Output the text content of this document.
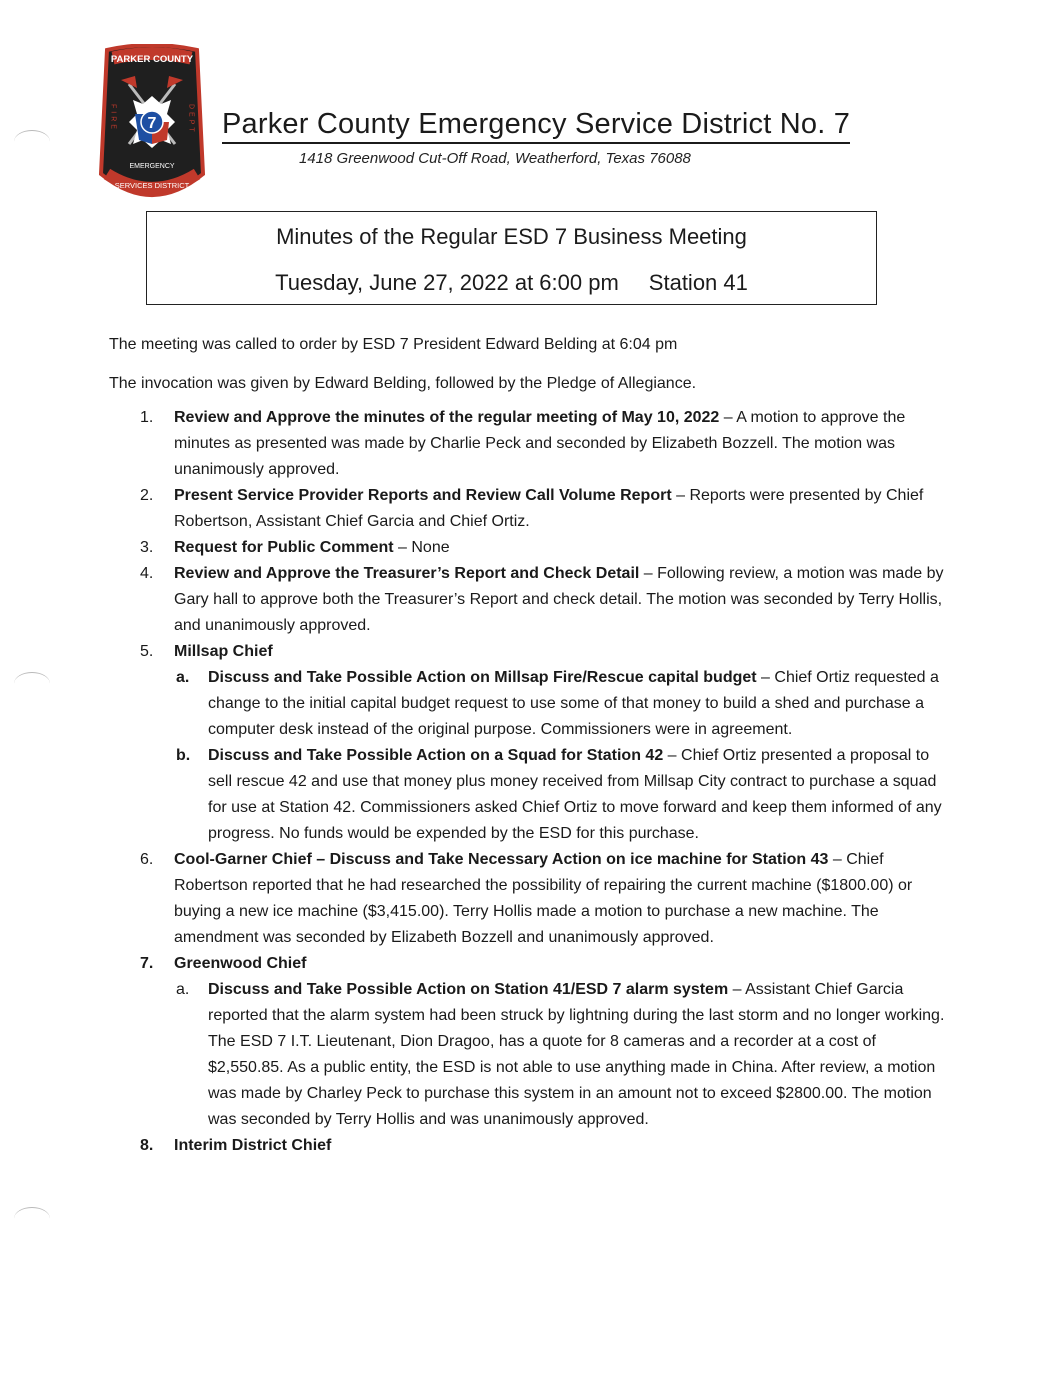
PARKER COUNTY
7
FIRE	DEPT
EMERGENCY
SERVICES DISTRICT
Parker County Emergency Service District No. 7
1418 Greenwood Cut-Off Road, Weatherford, Texas 76088
Minutes of the Regular ESD 7 Business Meeting
Tuesday, June 27, 2022 at 6:00 pm Station 41

The meeting was called to order by ESD 7 President Edward Belding at 6:04 pm

The invocation was given by Edward Belding, followed by the Pledge of Allegiance.

1. Review and Approve the minutes of the regular meeting of May 10, 2022 – A motion to approve the minutes as presented was made by Charlie Peck and seconded by Elizabeth Bozzell. The motion was unanimously approved.
2. Present Service Provider Reports and Review Call Volume Report – Reports were presented by Chief Robertson, Assistant Chief Garcia and Chief Ortiz.
3. Request for Public Comment – None
4. Review and Approve the Treasurer’s Report and Check Detail – Following review, a motion was made by Gary hall to approve both the Treasurer’s Report and check detail. The motion was seconded by Terry Hollis, and unanimously approved.
5. Millsap Chief
a. Discuss and Take Possible Action on Millsap Fire/Rescue capital budget – Chief Ortiz requested a change to the initial capital budget request to use some of that money to build a shed and purchase a computer desk instead of the original purpose. Commissioners were in agreement.
b. Discuss and Take Possible Action on a Squad for Station 42 – Chief Ortiz presented a proposal to sell rescue 42 and use that money plus money received from Millsap City contract to purchase a squad for use at Station 42. Commissioners asked Chief Ortiz to move forward and keep them informed of any progress. No funds would be expended by the ESD for this purchase.
6. Cool-Garner Chief – Discuss and Take Necessary Action on ice machine for Station 43 – Chief Robertson reported that he had researched the possibility of repairing the current machine ($1800.00) or buying a new ice machine ($3,415.00). Terry Hollis made a motion to purchase a new machine. The amendment was seconded by Elizabeth Bozzell and unanimously approved.
7. Greenwood Chief
a. Discuss and Take Possible Action on Station 41/ESD 7 alarm system – Assistant Chief Garcia reported that the alarm system had been struck by lightning during the last storm and no longer working. The ESD 7 I.T. Lieutenant, Dion Dragoo, has a quote for 8 cameras and a recorder at a cost of $2,550.85. As a public entity, the ESD is not able to use anything made in China. After review, a motion was made by Charley Peck to purchase this system in an amount not to exceed $2800.00. The motion was seconded by Terry Hollis and was unanimously approved.
8. Interim District Chief
